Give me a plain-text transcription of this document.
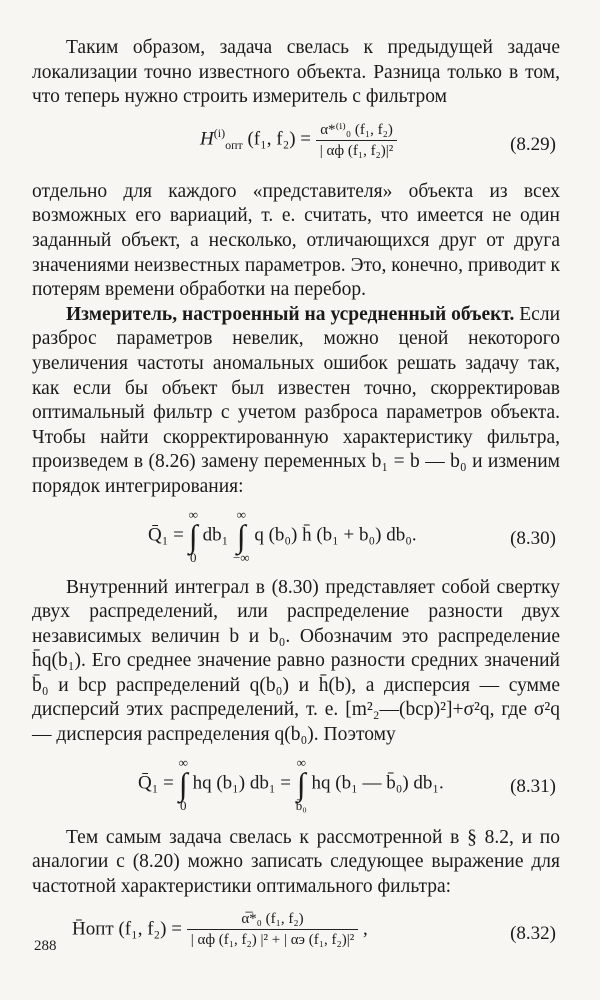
Таким образом, задача свелась к предыдущей задаче локализации точно известного объекта. Разница только в том, что теперь нужно строить измеритель с фильтром

$H^{(i)}_{опт}$ (f₁, $f_2) = \frac{\text{α*⁽ⁱ⁾₀ (f₁, f₂)}}{\text{| αф (f₁, f₂)|²}}$	(8.29)

отдельно для каждого «представителя» объекта из всех возможных его вариаций, т. е. считать, что имеется не один заданный объект, а несколько, отличающихся друг от друга значениями неизвестных параметров. Это, конечно, приводит к потерям времени обработки на перебор.

Измеритель, настроенный на усредненный объект. Если разброс параметров невелик, можно ценой некоторого увеличения частоты аномальных ошибок решать задачу так, как если бы объект был известен точно, скорректировав оптимальный фильтр с учетом разброса параметров объекта. Чтобы найти скорректированную характеристику фильтра, произведем в (8.26) замену переменных b₁ = b — b₀ и изменим порядок интегрирования:

Q̄₁ =
∞
∫
0
db₁
∞
∫
−∞
q (b₀) h̄ (b₁ + b₀) db₀.	(8.30)

Внутренний интеграл в (8.30) представляет собой свертку двух распределений, или распределение разности двух независимых величин b и b₀. Обозначим это распределение h̄q(b₁). Его среднее значение равно разности средних значений b̄₀ и bср распределений q(b₀) и h̄(b), а дисперсия — сумме дисперсий этих распределений, т. е. [m²₂—(bср)²]+σ²q, где σ²q — дисперсия распределения q(b₀). Поэтому

Q̄₁ =
∞
∫
0
hq (b₁) db₁ =
∞
∫
b̄₀
hq (b₁ — b̄₀) db₁.	(8.31)

Тем самым задача свелась к рассмотренной в § 8.2, и по аналогии с (8.20) можно записать следующее выражение для частотной характеристики оптимального фильтра:

H̄опт (f₁, $f_2) = \frac{\text{α̅*₀ (f₁, f₂)}}{\text{| αф (f₁, f₂) |² + | αэ (f₁, f₂)|²}}$ ,	(8.32)
288
